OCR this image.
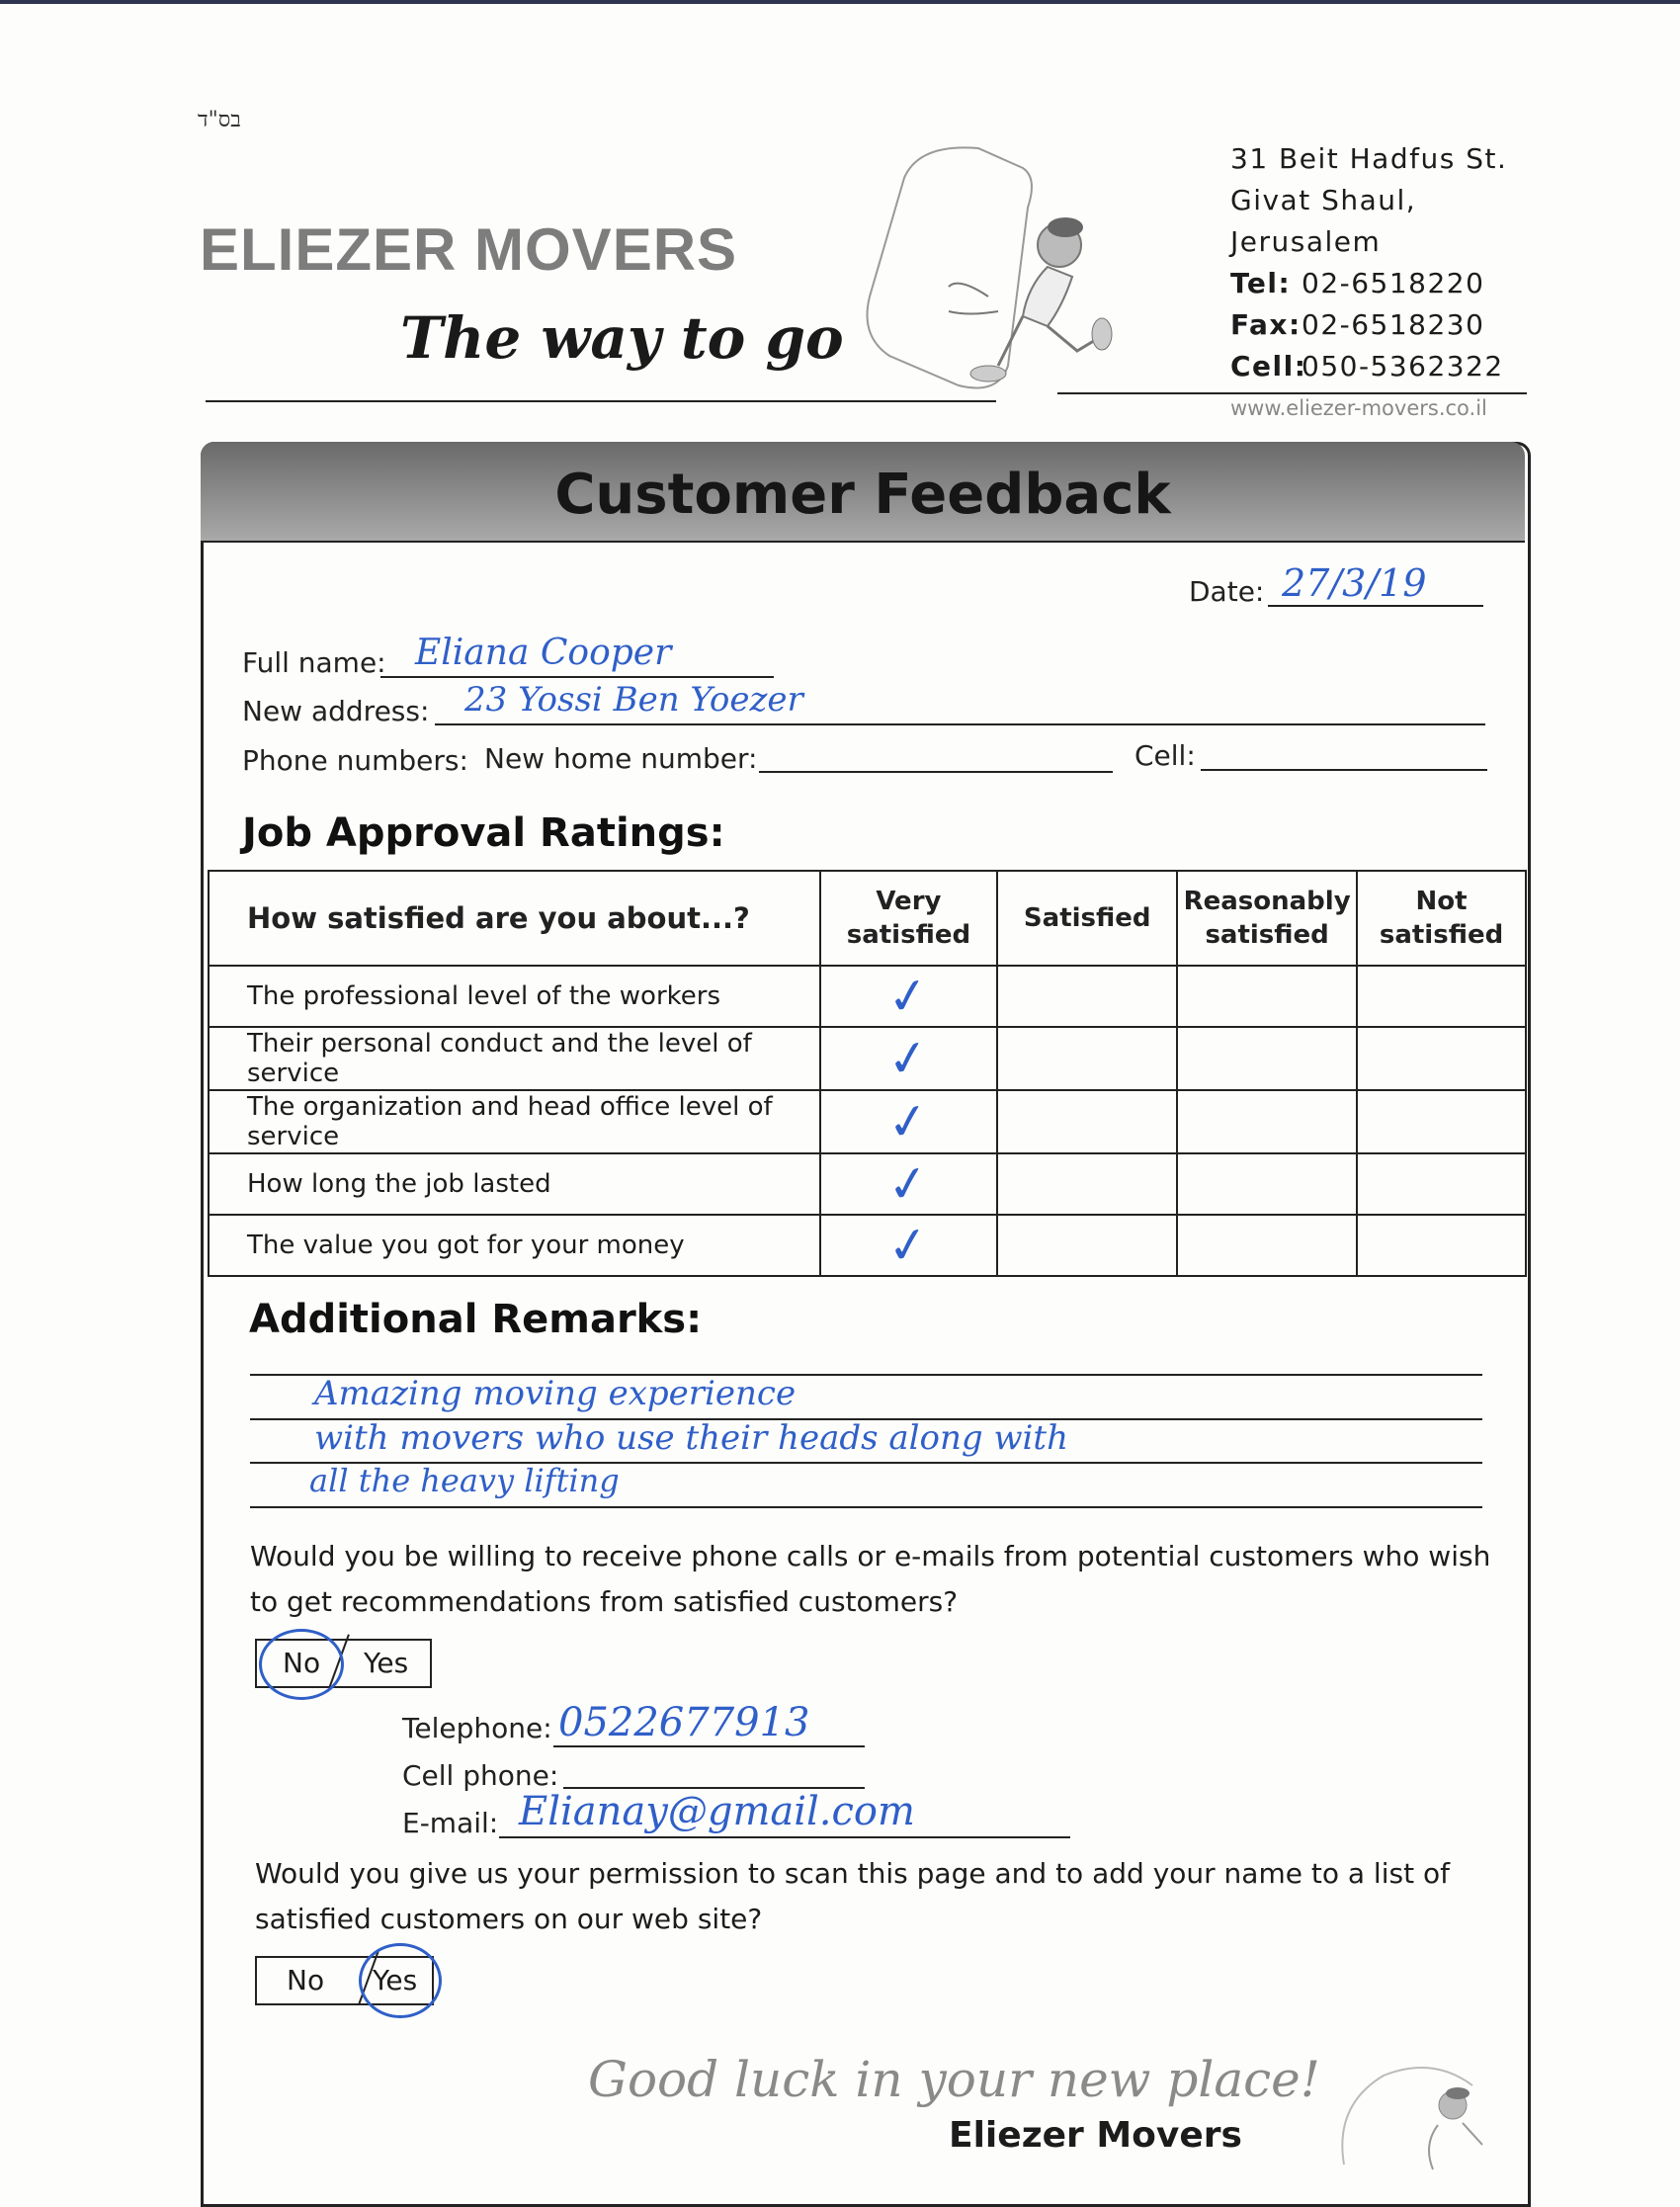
בס"ד
ELIEZER MOVERS
The way to go
31 Beit Hadfus St.
Givat Shaul, Jerusalem
Tel: 02-6518220
Fax:02-6518230
Cell:050-5362322
www.eliezer-movers.co.il
Customer Feedback
Date: 27/3/19
Full name: Eliana Cooper
New address:	23 Yossi Ben Yoezer
Phone numbers: New home number:	Cell:
Job Approval Ratings:
How satisfied are you about...?	Very satisfied	Satisfied	Reasonably satisfied	Not satisfied
The professional level of the workers	✓			
Their personal conduct and the level of service	✓			
The organization and head office level of service	✓			
How long the job lasted	✓			
The value you got for your money	✓			
Additional Remarks:
Amazing moving experience
with movers who use their heads along with
all the heavy lifting
Would you be willing to receive phone calls or e-mails from potential customers who wish to get recommendations from satisfied customers?
No Yes
Telephone: 0522677913
Cell phone:
E-mail: Elianay@gmail.com
Would you give us your permission to scan this page and to add your name to a list of satisfied customers on our web site?
No Yes
Good luck in your new place!
Eliezer Movers
